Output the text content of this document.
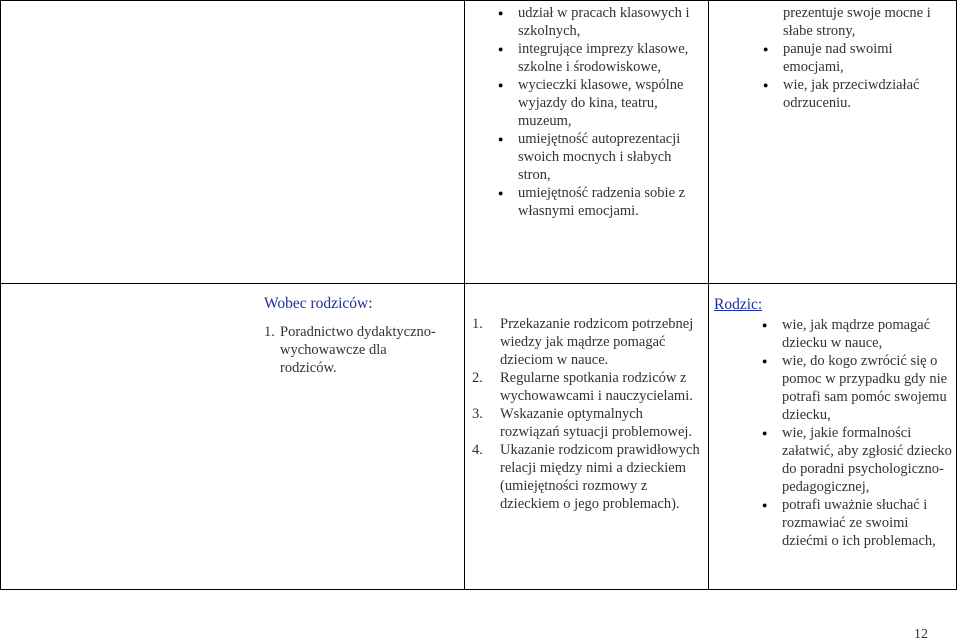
● udział w pracach klasowych i szkolnych,
● integrujące imprezy klasowe, szkolne i środowiskowe,
● wycieczki klasowe, wspólne wyjazdy do kina, teatru, muzeum,
● umiejętność autoprezentacji swoich mocnych i słabych stron,
● umiejętność radzenia sobie z własnymi emocjami.
prezentuje swoje mocne i słabe strony,
● panuje nad swoimi emocjami,
● wie, jak przeciwdziałać odrzuceniu.
Wobec rodziców:
1. Poradnictwo dydaktyczno-wychowawcze dla rodziców.
1. Przekazanie rodzicom potrzebnej wiedzy jak mądrze pomagać dzieciom w nauce.
2. Regularne spotkania rodziców z wychowawcami i nauczycielami.
3. Wskazanie optymalnych rozwiązań sytuacji problemowej.
4. Ukazanie rodzicom prawidłowych relacji między nimi a dzieckiem (umiejętności rozmowy z dzieckiem o jego problemach).
Rodzic:
● wie, jak mądrze pomagać dziecku w nauce,
● wie, do kogo zwrócić się o pomoc w przypadku gdy nie potrafi sam pomóc swojemu dziecku,
● wie, jakie formalności załatwić, aby zgłosić dziecko do poradni psychologiczno-pedagogicznej,
● potrafi uważnie słuchać i rozmawiać ze swoimi dziećmi o ich problemach,
12
